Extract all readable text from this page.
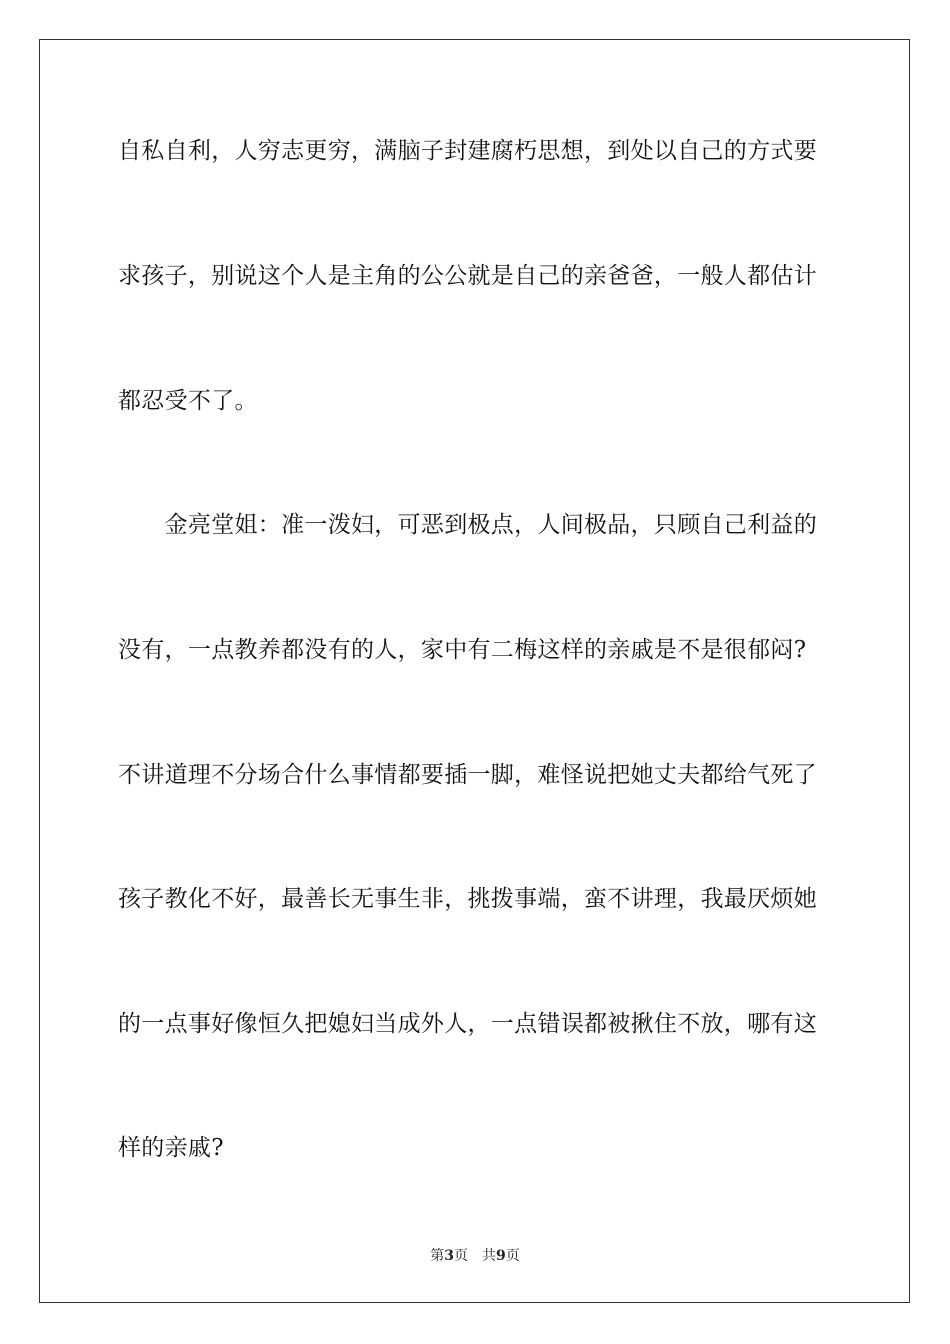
自私自利，人穷志更穷，满脑子封建腐朽思想，到处以自己的方式要
求孩子，别说这个人是主角的公公就是自己的亲爸爸，一般人都估计
都忍受不了。
　　金亮堂姐：准一泼妇，可恶到极点，人间极品，只顾自己利益的
没有，一点教养都没有的人，家中有二梅这样的亲戚是不是很郁闷?
不讲道理不分场合什么事情都要插一脚，难怪说把她丈夫都给气死了
孩子教化不好，最善长无事生非，挑拨事端，蛮不讲理，我最厌烦她
的一点事好像恒久把媳妇当成外人，一点错误都被揪住不放，哪有这
样的亲戚?
第3页 共9页
